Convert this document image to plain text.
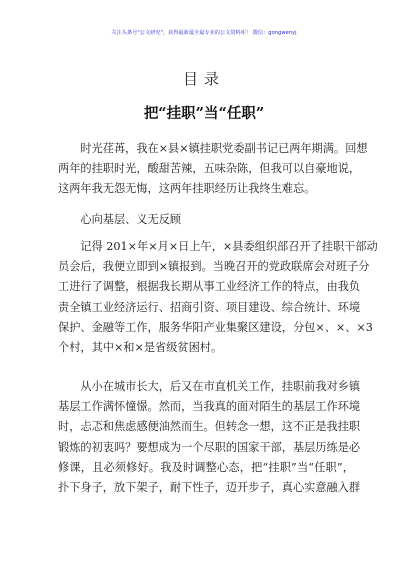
关注头条号"公文研究"，获得最新最全最专业的公文资料库！ 微信：gongwenyj
目录
把“挂职”当“任职”
　　时光荏苒，我在×县×镇挂职党委副书记已两年期满。回想
两年的挂职时光，酸甜苦辣，五味杂陈，但我可以自豪地说，
这两年我无怨无悔，这两年挂职经历让我终生难忘。
　　心向基层、义无反顾
　　记得 201×年×月×日上午，×县委组织部召开了挂职干部动
员会后，我便立即到×镇报到。当晚召开的党政联席会对班子分
工进行了调整，根据我长期从事工业经济工作的特点，由我负
责全镇工业经济运行、招商引资、项目建设、综合统计、环境
保护、金融等工作，服务华阳产业集聚区建设，分包×、×、×3
个村，其中×和×是省级贫困村。
　　从小在城市长大，后又在市直机关工作，挂职前我对乡镇
基层工作满怀憧憬。然而，当我真的面对陌生的基层工作环境
时，忐忑和焦虑感便油然而生。但转念一想，这不正是我挂职
锻炼的初衷吗？要想成为一个尽职的国家干部，基层历练是必
修课，且必须修好。我及时调整心态，把“挂职”当“任职”，
扑下身子，放下架子，耐下性子，迈开步子，真心实意融入群
